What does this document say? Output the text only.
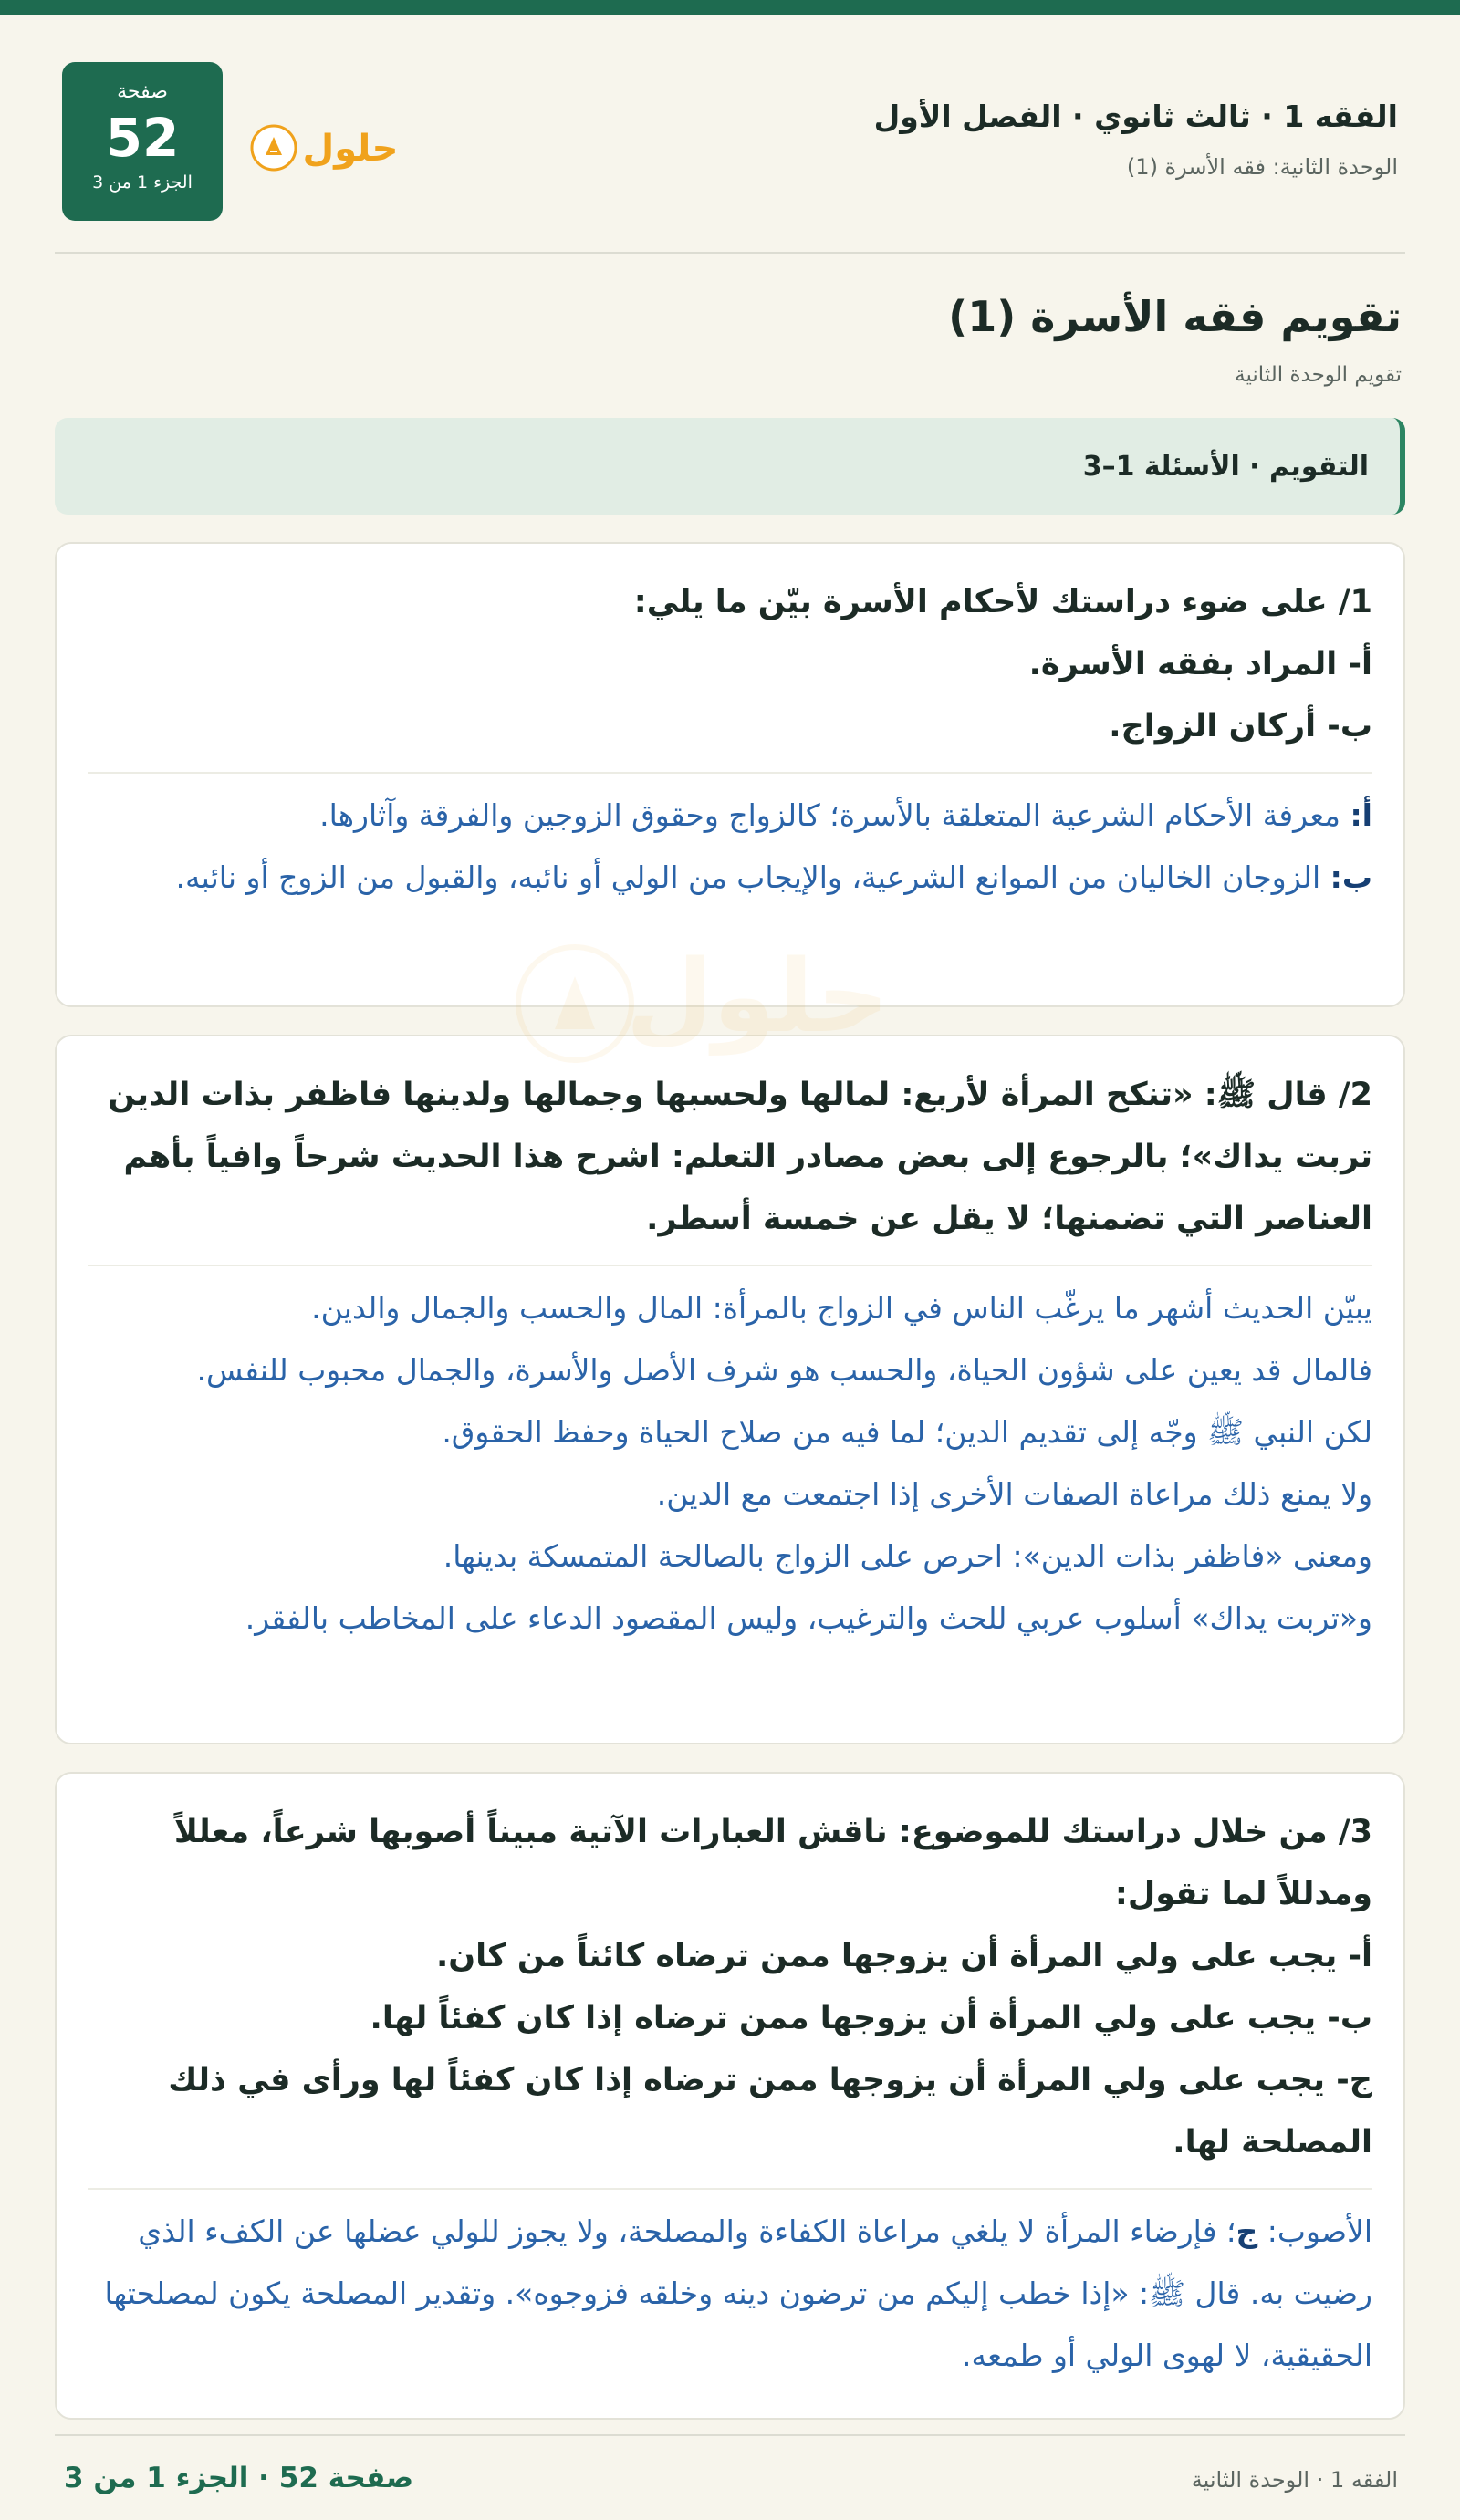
الفقه 1 · ثالث ثانوي · الفصل الأول
الوحدة الثانية: فقه الأسرة (1)
حلول
صفحة
52
الجزء 1 من 3
تقويم فقه الأسرة (1)
تقويم الوحدة الثانية
التقويم · الأسئلة 1–3
1/ على ضوء دراستك لأحكام الأسرة بيّن ما يلي:
أ- المراد بفقه الأسرة.
ب- أركان الزواج.
أ: معرفة الأحكام الشرعية المتعلقة بالأسرة؛ كالزواج وحقوق الزوجين والفرقة وآثارها.
ب: الزوجان الخاليان من الموانع الشرعية، والإيجاب من الولي أو نائبه، والقبول من الزوج أو نائبه.
2/ قال ﷺ: «تنكح المرأة لأربع: لمالها ولحسبها وجمالها ولدينها فاظفر بذات الدين تربت يداك»؛ بالرجوع إلى بعض مصادر التعلم: اشرح هذا الحديث شرحاً وافياً بأهم العناصر التي تضمنها؛ لا يقل عن خمسة أسطر.
يبيّن الحديث أشهر ما يرغّب الناس في الزواج بالمرأة: المال والحسب والجمال والدين.
فالمال قد يعين على شؤون الحياة، والحسب هو شرف الأصل والأسرة، والجمال محبوب للنفس.
لكن النبي ﷺ وجّه إلى تقديم الدين؛ لما فيه من صلاح الحياة وحفظ الحقوق.
ولا يمنع ذلك مراعاة الصفات الأخرى إذا اجتمعت مع الدين.
ومعنى «فاظفر بذات الدين»: احرص على الزواج بالصالحة المتمسكة بدينها.
و«تربت يداك» أسلوب عربي للحث والترغيب، وليس المقصود الدعاء على المخاطب بالفقر.
3/ من خلال دراستك للموضوع: ناقش العبارات الآتية مبيناً أصوبها شرعاً، معللاً ومدللاً لما تقول:
أ- يجب على ولي المرأة أن يزوجها ممن ترضاه كائناً من كان.
ب- يجب على ولي المرأة أن يزوجها ممن ترضاه إذا كان كفئاً لها.
ج- يجب على ولي المرأة أن يزوجها ممن ترضاه إذا كان كفئاً لها ورأى في ذلك المصلحة لها.
الأصوب: ج؛ فإرضاء المرأة لا يلغي مراعاة الكفاءة والمصلحة، ولا يجوز للولي عضلها عن الكفء الذي رضيت به. قال ﷺ: «إذا خطب إليكم من ترضون دينه وخلقه فزوجوه». وتقدير المصلحة يكون لمصلحتها الحقيقية، لا لهوى الولي أو طمعه.
الفقه 1 · الوحدة الثانية
صفحة 52 · الجزء 1 من 3
